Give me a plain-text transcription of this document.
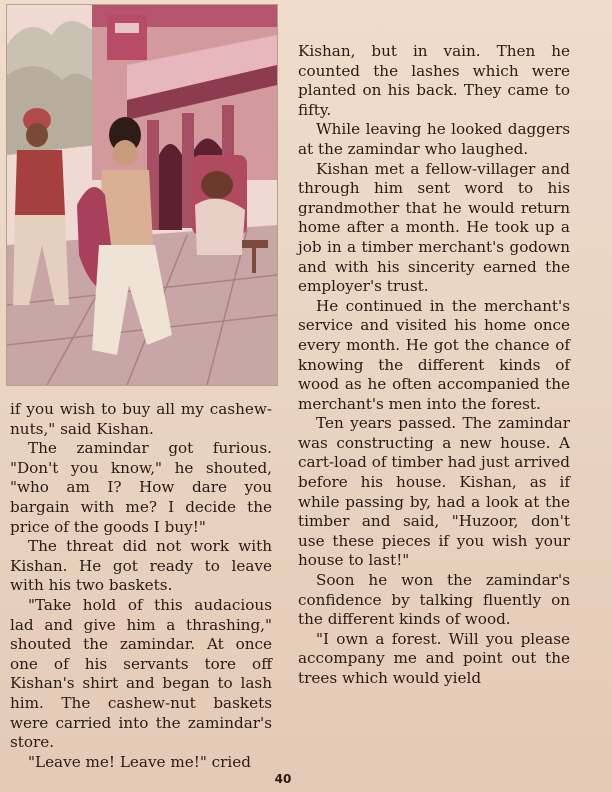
if you wish to buy all my cashew-nuts," said Kishan.

The zamindar got furious. "Don't you know," he shouted, "who am I? How dare you bargain with me? I decide the price of the goods I buy!"

The threat did not work with Kishan. He got ready to leave with his two baskets.

"Take hold of this audacious lad and give him a thrashing," shouted the zamindar. At once one of his servants tore off Kishan's shirt and began to lash him. The cashew-nut baskets were carried into the zamindar's store.

"Leave me! Leave me!" cried

Kishan, but in vain. Then he counted the lashes which were planted on his back. They came to fifty.

While leaving he looked daggers at the zamindar who laughed.

Kishan met a fellow-villager and through him sent word to his grandmother that he would return home after a month. He took up a job in a timber merchant's godown and with his sincerity earned the employer's trust.

He continued in the merchant's service and visited his home once every month. He got the chance of knowing the different kinds of wood as he often accompanied the merchant's men into the forest.

Ten years passed. The zamindar was constructing a new house. A cart-load of timber had just arrived before his house. Kishan, as if while passing by, had a look at the timber and said, "Huzoor, don't use these pieces if you wish your house to last!"

Soon he won the zamindar's confidence by talking fluently on the different kinds of wood.

"I own a forest. Will you please accompany me and point out the trees which would yield

40
